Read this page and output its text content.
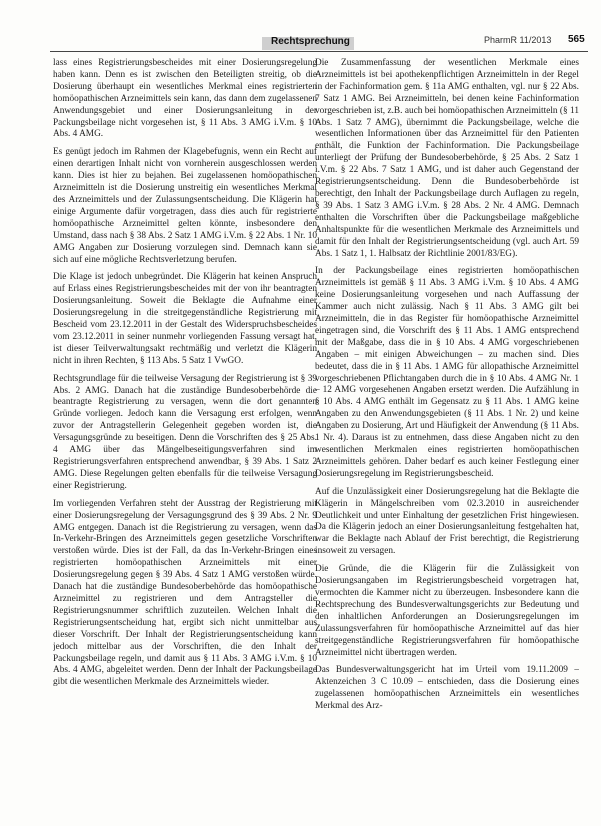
Rechtsprechung	PharmR 11/2013 565

lass eines Registrierungsbescheides mit einer Dosierungsregelung haben kann. Denn es ist zwischen den Beteiligten streitig, ob die Dosierung überhaupt ein wesentliches Merkmal eines registrierten homöopathischen Arzneimittels sein kann, das dann dem zugelassenen Anwendungsgebiet und einer Dosierungsanleitung in der Packungsbeilage nicht vorgesehen ist, § 11 Abs. 3 AMG i.V.m. § 10 Abs. 4 AMG.

Es genügt jedoch im Rahmen der Klagebefugnis, wenn ein Recht auf einen derartigen Inhalt nicht von vornherein ausgeschlossen werden kann. Dies ist hier zu bejahen. Bei zugelassenen homöopathischen Arzneimitteln ist die Dosierung unstreitig ein wesentliches Merkmal des Arzneimittels und der Zulassungsentscheidung. Die Klägerin hat einige Argumente dafür vorgetragen, dass dies auch für registrierte homöopathische Arzneimittel gelten könnte, insbesondere den Umstand, dass nach § 38 Abs. 2 Satz 1 AMG i.V.m. § 22 Abs. 1 Nr. 10 AMG Angaben zur Dosierung vorzulegen sind. Demnach kann sie sich auf eine mögliche Rechtsverletzung berufen.

Die Klage ist jedoch unbegründet. Die Klägerin hat keinen Anspruch auf Erlass eines Registrierungsbescheides mit der von ihr beantragten Dosierungsanleitung. Soweit die Beklagte die Aufnahme einer Dosierungsregelung in die streitgegenständliche Registrierung mit Bescheid vom 23.12.2011 in der Gestalt des Widerspruchsbescheides vom 23.12.2011 in seiner nunmehr vorliegenden Fassung versagt hat, ist dieser Teilverwaltungsakt rechtmäßig und verletzt die Klägerin nicht in ihren Rechten, § 113 Abs. 5 Satz 1 VwGO.

Rechtsgrundlage für die teilweise Versagung der Registrierung ist § 39 Abs. 2 AMG. Danach hat die zuständige Bundesoberbehörde die beantragte Registrierung zu versagen, wenn die dort genannten Gründe vorliegen. Jedoch kann die Versagung erst erfolgen, wenn zuvor der Antragstellerin Gelegenheit gegeben worden ist, die Versagungsgründe zu beseitigen. Denn die Vorschriften des § 25 Abs. 4 AMG über das Mängelbeseitigungsverfahren sind im Registrierungsverfahren entsprechend anwendbar, § 39 Abs. 1 Satz 2 AMG. Diese Regelungen gelten ebenfalls für die teilweise Versagung einer Registrierung.

Im vorliegenden Verfahren steht der Ausstrag der Registrierung mit einer Dosierungsregelung der Versagungsgrund des § 39 Abs. 2 Nr. 9 AMG entgegen. Danach ist die Registrierung zu versagen, wenn das In-Verkehr-Bringen des Arzneimittels gegen gesetzliche Vorschriften verstoßen würde. Dies ist der Fall, da das In-Verkehr-Bringen eines registrierten homöopathischen Arzneimittels mit einer Dosierungsregelung gegen § 39 Abs. 4 Satz 1 AMG verstoßen würde. Danach hat die zuständige Bundesoberbehörde das homöopathische Arzneimittel zu registrieren und dem Antragsteller die Registrierungsnummer schriftlich zuzuteilen. Welchen Inhalt die Registrierungsentscheidung hat, ergibt sich nicht unmittelbar aus dieser Vorschrift. Der Inhalt der Registrierungsentscheidung kann jedoch mittelbar aus der Vorschriften, die den Inhalt der Packungsbeilage regeln, und damit aus § 11 Abs. 3 AMG i.V.m. § 10 Abs. 4 AMG, abgeleitet werden. Denn der Inhalt der Packungsbeilage gibt die wesentlichen Merkmale des Arzneimittels wieder.

Die Zusammenfassung der wesentlichen Merkmale eines Arzneimittels ist bei apothekenpflichtigen Arzneimitteln in der Regel in der Fachinformation gem. § 11a AMG enthalten, vgl. nur § 22 Abs. 7 Satz 1 AMG. Bei Arzneimitteln, bei denen keine Fachinformation vorgeschrieben ist, z.B. auch bei homöopathischen Arzneimitteln (§ 11 Abs. 1 Satz 7 AMG), übernimmt die Packungsbeilage, welche die wesentlichen Informationen über das Arzneimittel für den Patienten enthält, die Funktion der Fachinformation. Die Packungsbeilage unterliegt der Prüfung der Bundesoberbehörde, § 25 Abs. 2 Satz 1 i.V.m. § 22 Abs. 7 Satz 1 AMG, und ist daher auch Gegenstand der Registrierungsentscheidung. Denn die Bundesoberbehörde ist berechtigt, den Inhalt der Packungsbeilage durch Auflagen zu regeln, § 39 Abs. 1 Satz 3 AMG i.V.m. § 28 Abs. 2 Nr. 4 AMG. Demnach enthalten die Vorschriften über die Packungsbeilage maßgebliche Anhaltspunkte für die wesentlichen Merkmale des Arzneimittels und damit für den Inhalt der Registrierungsentscheidung (vgl. auch Art. 59 Abs. 1 Satz 1, 1. Halbsatz der Richtlinie 2001/83/EG).

In der Packungsbeilage eines registrierten homöopathischen Arzneimittels ist gemäß § 11 Abs. 3 AMG i.V.m. § 10 Abs. 4 AMG keine Dosierungsanleitung vorgesehen und nach Auffassung der Kammer auch nicht zulässig. Nach § 11 Abs. 3 AMG gilt bei Arzneimitteln, die in das Register für homöopathische Arzneimittel eingetragen sind, die Vorschrift des § 11 Abs. 1 AMG entsprechend mit der Maßgabe, dass die in § 10 Abs. 4 AMG vorgeschriebenen Angaben – mit einigen Abweichungen – zu machen sind. Dies bedeutet, dass die in § 11 Abs. 1 AMG für allopathische Arzneimittel vorgeschriebenen Pflichtangaben durch die in § 10 Abs. 4 AMG Nr. 1 – 12 AMG vorgesehenen Angaben ersetzt werden. Die Aufzählung in § 10 Abs. 4 AMG enthält im Gegensatz zu § 11 Abs. 1 AMG keine Angaben zu den Anwendungsgebieten (§ 11 Abs. 1 Nr. 2) und keine Angaben zu Dosierung, Art und Häufigkeit der Anwendung (§ 11 Abs. 1 Nr. 4). Daraus ist zu entnehmen, dass diese Angaben nicht zu den wesentlichen Merkmalen eines registrierten homöopathischen Arzneimittels gehören. Daher bedarf es auch keiner Festlegung einer Dosierungsregelung im Registrierungsbescheid.

Auf die Unzulässigkeit einer Dosierungsregelung hat die Beklagte die Klägerin in Mängelschreiben vom 02.3.2010 in ausreichender Deutlichkeit und unter Einhaltung der gesetzlichen Frist hingewiesen. Da die Klägerin jedoch an einer Dosierungsanleitung festgehalten hat, war die Beklagte nach Ablauf der Frist berechtigt, die Registrierung insoweit zu versagen.

Die Gründe, die die Klägerin für die Zulässigkeit von Dosierungsangaben im Registrierungsbescheid vorgetragen hat, vermochten die Kammer nicht zu überzeugen. Insbesondere kann die Rechtsprechung des Bundesverwaltungsgerichts zur Bedeutung und den inhaltlichen Anforderungen an Dosierungsregelungen im Zulassungsverfahren für homöopathische Arzneimittel auf das hier streitgegenständliche Registrierungsverfahren für homöopathische Arzneimittel nicht übertragen werden.

Das Bundesverwaltungsgericht hat im Urteil vom 19.11.2009 – Aktenzeichen 3 C 10.09 – entschieden, dass die Dosierung eines zugelassenen homöopathischen Arzneimittels ein wesentliches Merkmal des Arz-
